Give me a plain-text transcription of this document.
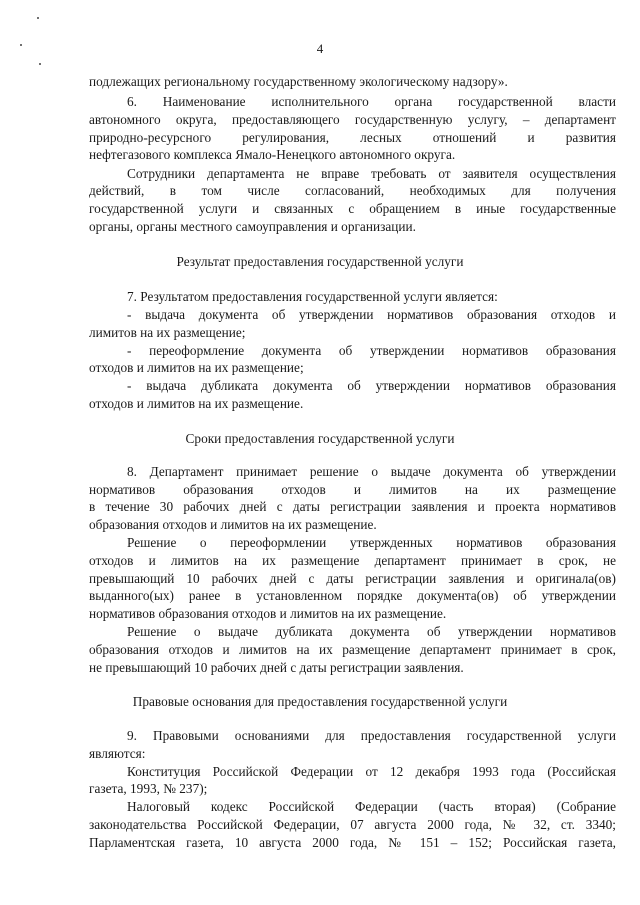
4
подлежащих региональному государственному экологическому надзору».
6. Наименование исполнительного органа государственной власти
автономного округа, предоставляющего государственную услугу, – департамент
природно-ресурсного регулирования, лесных отношений и развития
нефтегазового комплекса Ямало-Ненецкого автономного округа.
Сотрудники департамента не вправе требовать от заявителя осуществления
действий, в том числе согласований, необходимых для получения
государственной услуги и связанных с обращением в иные государственные
органы, органы местного самоуправления и организации.
Результат предоставления государственной услуги
7. Результатом предоставления государственной услуги является:
- выдача документа об утверждении нормативов образования отходов и
лимитов на их размещение;
- переоформление документа об утверждении нормативов образования
отходов и лимитов на их размещение;
- выдача дубликата документа об утверждении нормативов образования
отходов и лимитов на их размещение.
Сроки предоставления государственной услуги
8. Департамент принимает решение о выдаче документа об утверждении
нормативов образования отходов и лимитов на их размещение
в течение 30 рабочих дней с даты регистрации заявления и проекта нормативов
образования отходов и лимитов на их размещение.
Решение о переоформлении утвержденных нормативов образования
отходов и лимитов на их размещение департамент принимает в срок, не
превышающий 10 рабочих дней с даты регистрации заявления и оригинала(ов)
выданного(ых) ранее в установленном порядке документа(ов) об утверждении
нормативов образования отходов и лимитов на их размещение.
Решение о выдаче дубликата документа об утверждении нормативов
образования отходов и лимитов на их размещение департамент принимает в срок,
не превышающий 10 рабочих дней с даты регистрации заявления.
Правовые основания для предоставления государственной услуги
9. Правовыми основаниями для предоставления государственной услуги
являются:
Конституция Российской Федерации от 12 декабря 1993 года (Российская
газета, 1993, № 237);
Налоговый кодекс Российской Федерации (часть вторая) (Собрание
законодательства Российской Федерации, 07 августа 2000 года, № 32, ст. 3340;
Парламентская газета, 10 августа 2000 года, № 151 – 152; Российская газета,
